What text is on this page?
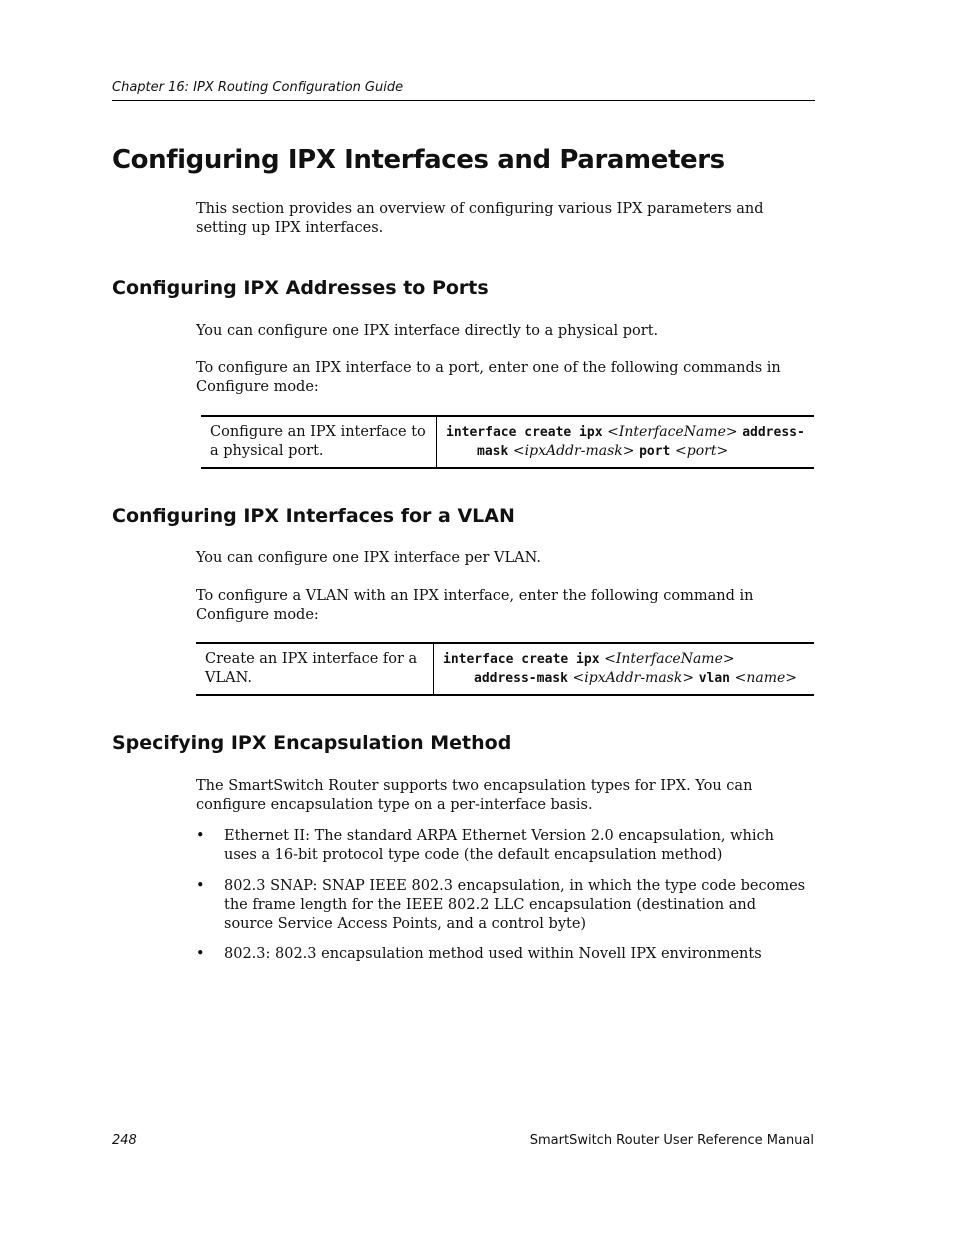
Chapter 16: IPX Routing Configuration Guide
Configuring IPX Interfaces and Parameters

This section provides an overview of configuring various IPX parameters and setting up IPX interfaces.

Configuring IPX Addresses to Ports

You can configure one IPX interface directly to a physical port.

To configure an IPX interface to a port, enter one of the following commands in Configure mode:

Configure an IPX interface to a physical port.	interface create ipx <InterfaceName> address-
mask <ipxAddr-mask> port <port>
Configuring IPX Interfaces for a VLAN

You can configure one IPX interface per VLAN.

To configure a VLAN with an IPX interface, enter the following command in Configure mode:

Create an IPX interface for a VLAN.	interface create ipx <InterfaceName>
address-mask <ipxAddr-mask> vlan <name>
Specifying IPX Encapsulation Method

The SmartSwitch Router supports two encapsulation types for IPX. You can configure encapsulation type on a per-interface basis.

• Ethernet II: The standard ARPA Ethernet Version 2.0 encapsulation, which uses a 16-bit protocol type code (the default encapsulation method)
• 802.3 SNAP: SNAP IEEE 802.3 encapsulation, in which the type code becomes the frame length for the IEEE 802.2 LLC encapsulation (destination and source Service Access Points, and a control byte)
• 802.3: 802.3 encapsulation method used within Novell IPX environments
248	SmartSwitch Router User Reference Manual
